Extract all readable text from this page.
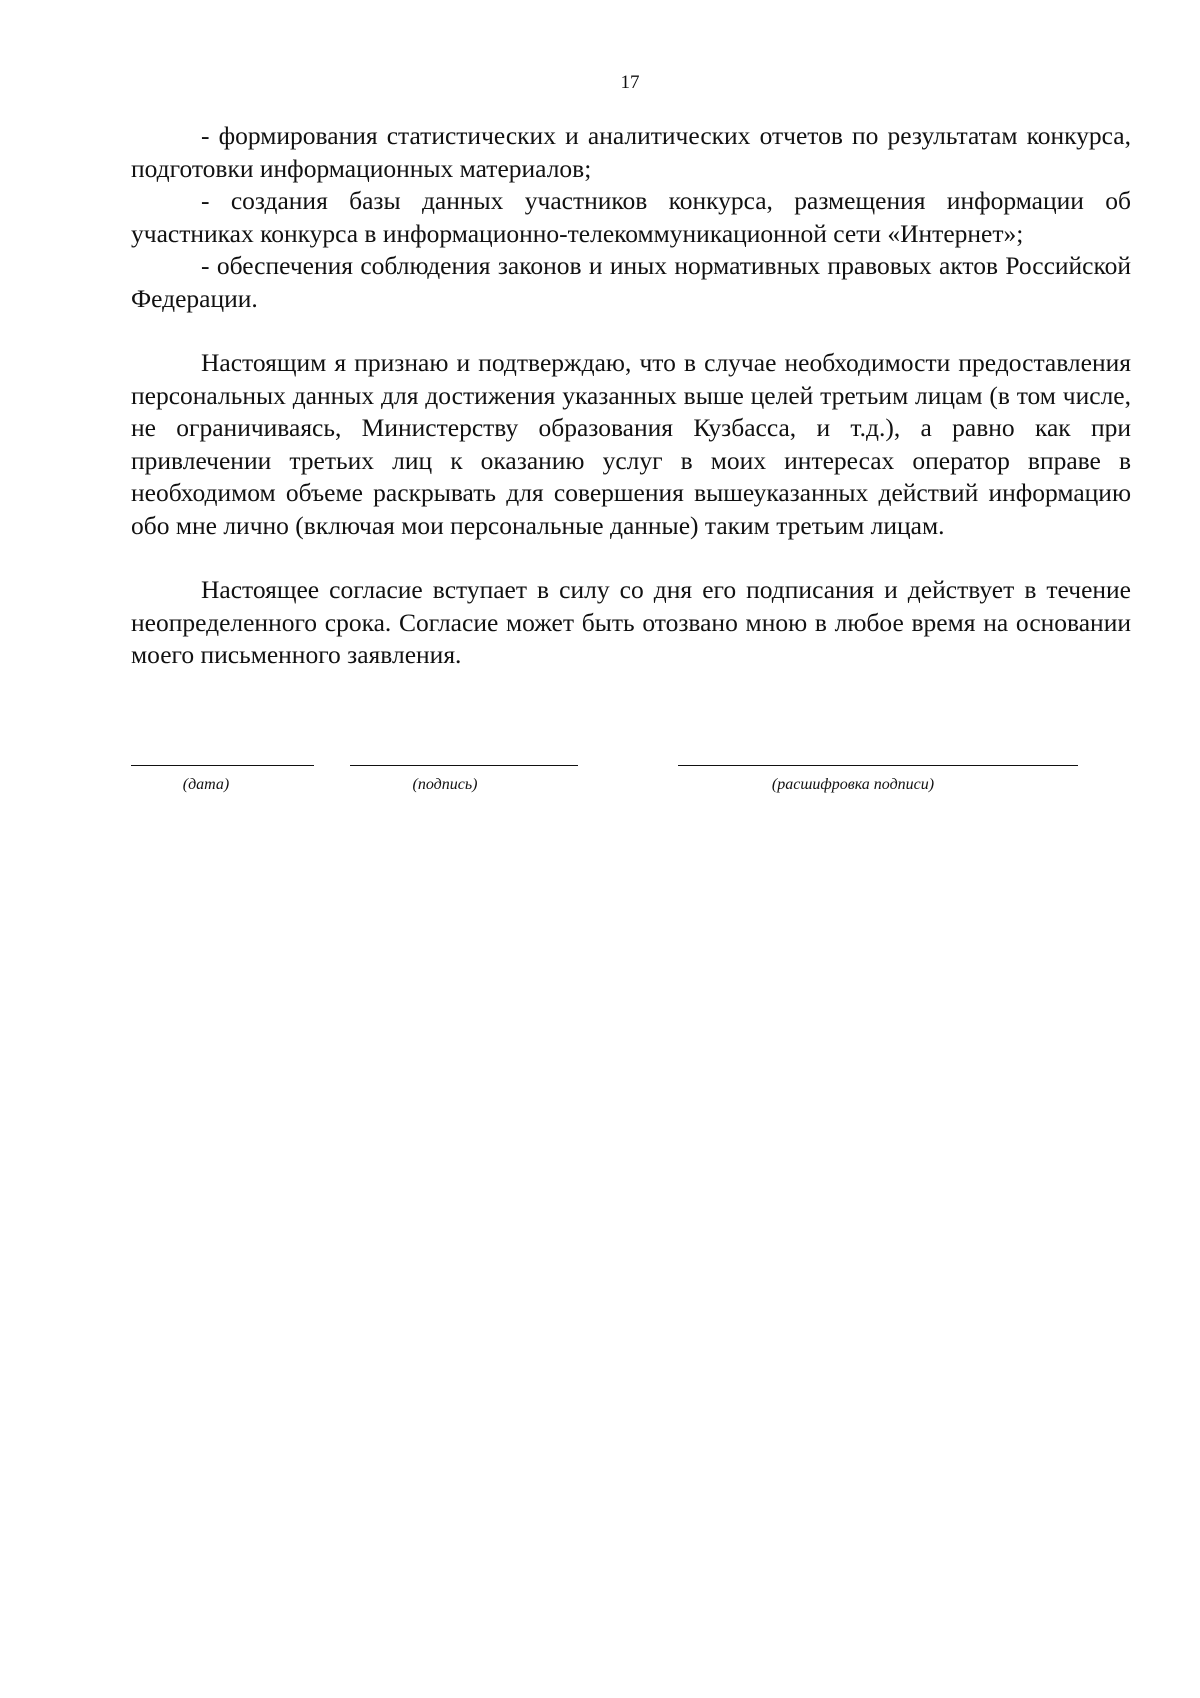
17

- формирования статистических и аналитических отчетов по результатам конкурса, подготовки информационных материалов;

- создания базы данных участников конкурса, размещения информации об участниках конкурса в информационно-телекоммуникационной сети «Интернет»;

- обеспечения соблюдения законов и иных нормативных правовых актов Российской Федерации.

Настоящим я признаю и подтверждаю, что в случае необходимости предоставления персональных данных для достижения указанных выше целей третьим лицам (в том числе, не ограничиваясь, Министерству образования Кузбасса, и т.д.), а равно как при привлечении третьих лиц к оказанию услуг в моих интересах оператор вправе в необходимом объеме раскрывать для совершения вышеуказанных действий информацию обо мне лично (включая мои персональные данные) таким третьим лицам.

Настоящее согласие вступает в силу со дня его подписания и действует в течение неопределенного срока. Согласие может быть отозвано мною в любое время на основании моего письменного заявления.

(дата)	(подпись)	(расшифровка подписи)
